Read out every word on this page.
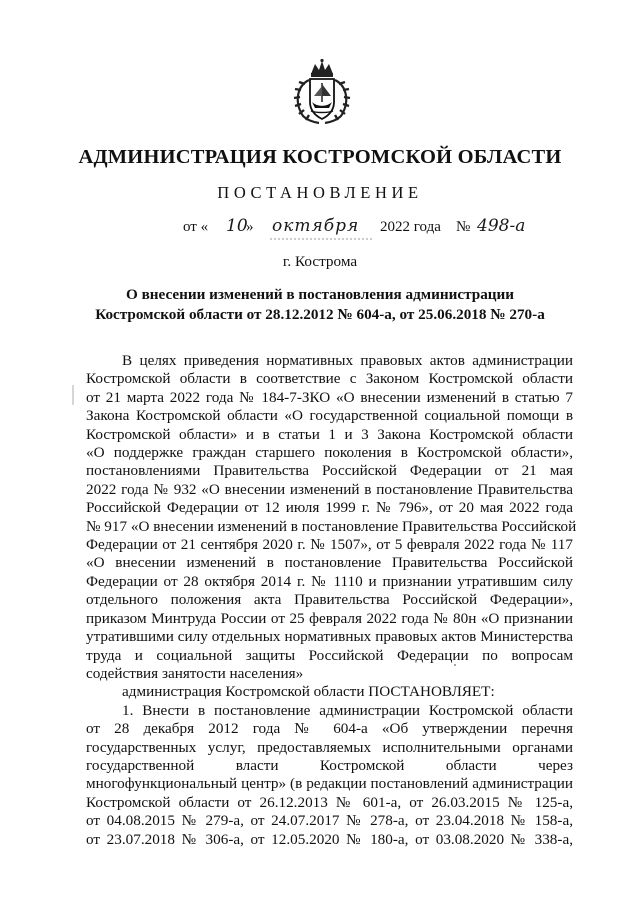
АДМИНИСТРАЦИЯ КОСТРОМСКОЙ ОБЛАСТИ
ПОСТАНОВЛЕНИЕ
от « 10
» октября 2022 года № 498-а
г. Кострома
О внесении изменений в постановления администрации
Костромской области от 28.12.2012 № 604-а, от 25.06.2018 № 270-а
В целях приведения нормативных правовых актов администрации
Костромской области в соответствие с Законом Костромской области
от 21 марта 2022 года № 184-7-ЗКО «О внесении изменений в статью 7
Закона Костромской области «О государственной социальной помощи в
Костромской области» и в статьи 1 и 3 Закона Костромской области
«О поддержке граждан старшего поколения в Костромской области»,
постановлениями Правительства Российской Федерации от 21 мая
2022 года № 932 «О внесении изменений в постановление Правительства
Российской Федерации от 12 июля 1999 г. № 796», от 20 мая 2022 года
№ 917 «О внесении изменений в постановление Правительства Российской
Федерации от 21 сентября 2020 г. № 1507», от 5 февраля 2022 года № 117
«О внесении изменений в постановление Правительства Российской
Федерации от 28 октября 2014 г. № 1110 и признании утратившим силу
отдельного положения акта Правительства Российской Федерации»,
приказом Минтруда России от 25 февраля 2022 года № 80н «О признании
утратившими силу отдельных нормативных правовых актов Министерства
труда и социальной защиты Российской Федерации по вопросам
содействия занятости населения»
администрация Костромской области ПОСТАНОВЛЯЕТ:
1. Внести в постановление администрации Костромской области
от 28 декабря 2012 года № 604-а «Об утверждении перечня
государственных услуг, предоставляемых исполнительными органами
государственной власти Костромской области через
многофункциональный центр» (в редакции постановлений администрации
Костромской области от 26.12.2013 № 601-а, от 26.03.2015 № 125-а,
от 04.08.2015 № 279-а, от 24.07.2017 № 278-а, от 23.04.2018 № 158-а,
от 23.07.2018 № 306-а, от 12.05.2020 № 180-а, от 03.08.2020 № 338-а,
